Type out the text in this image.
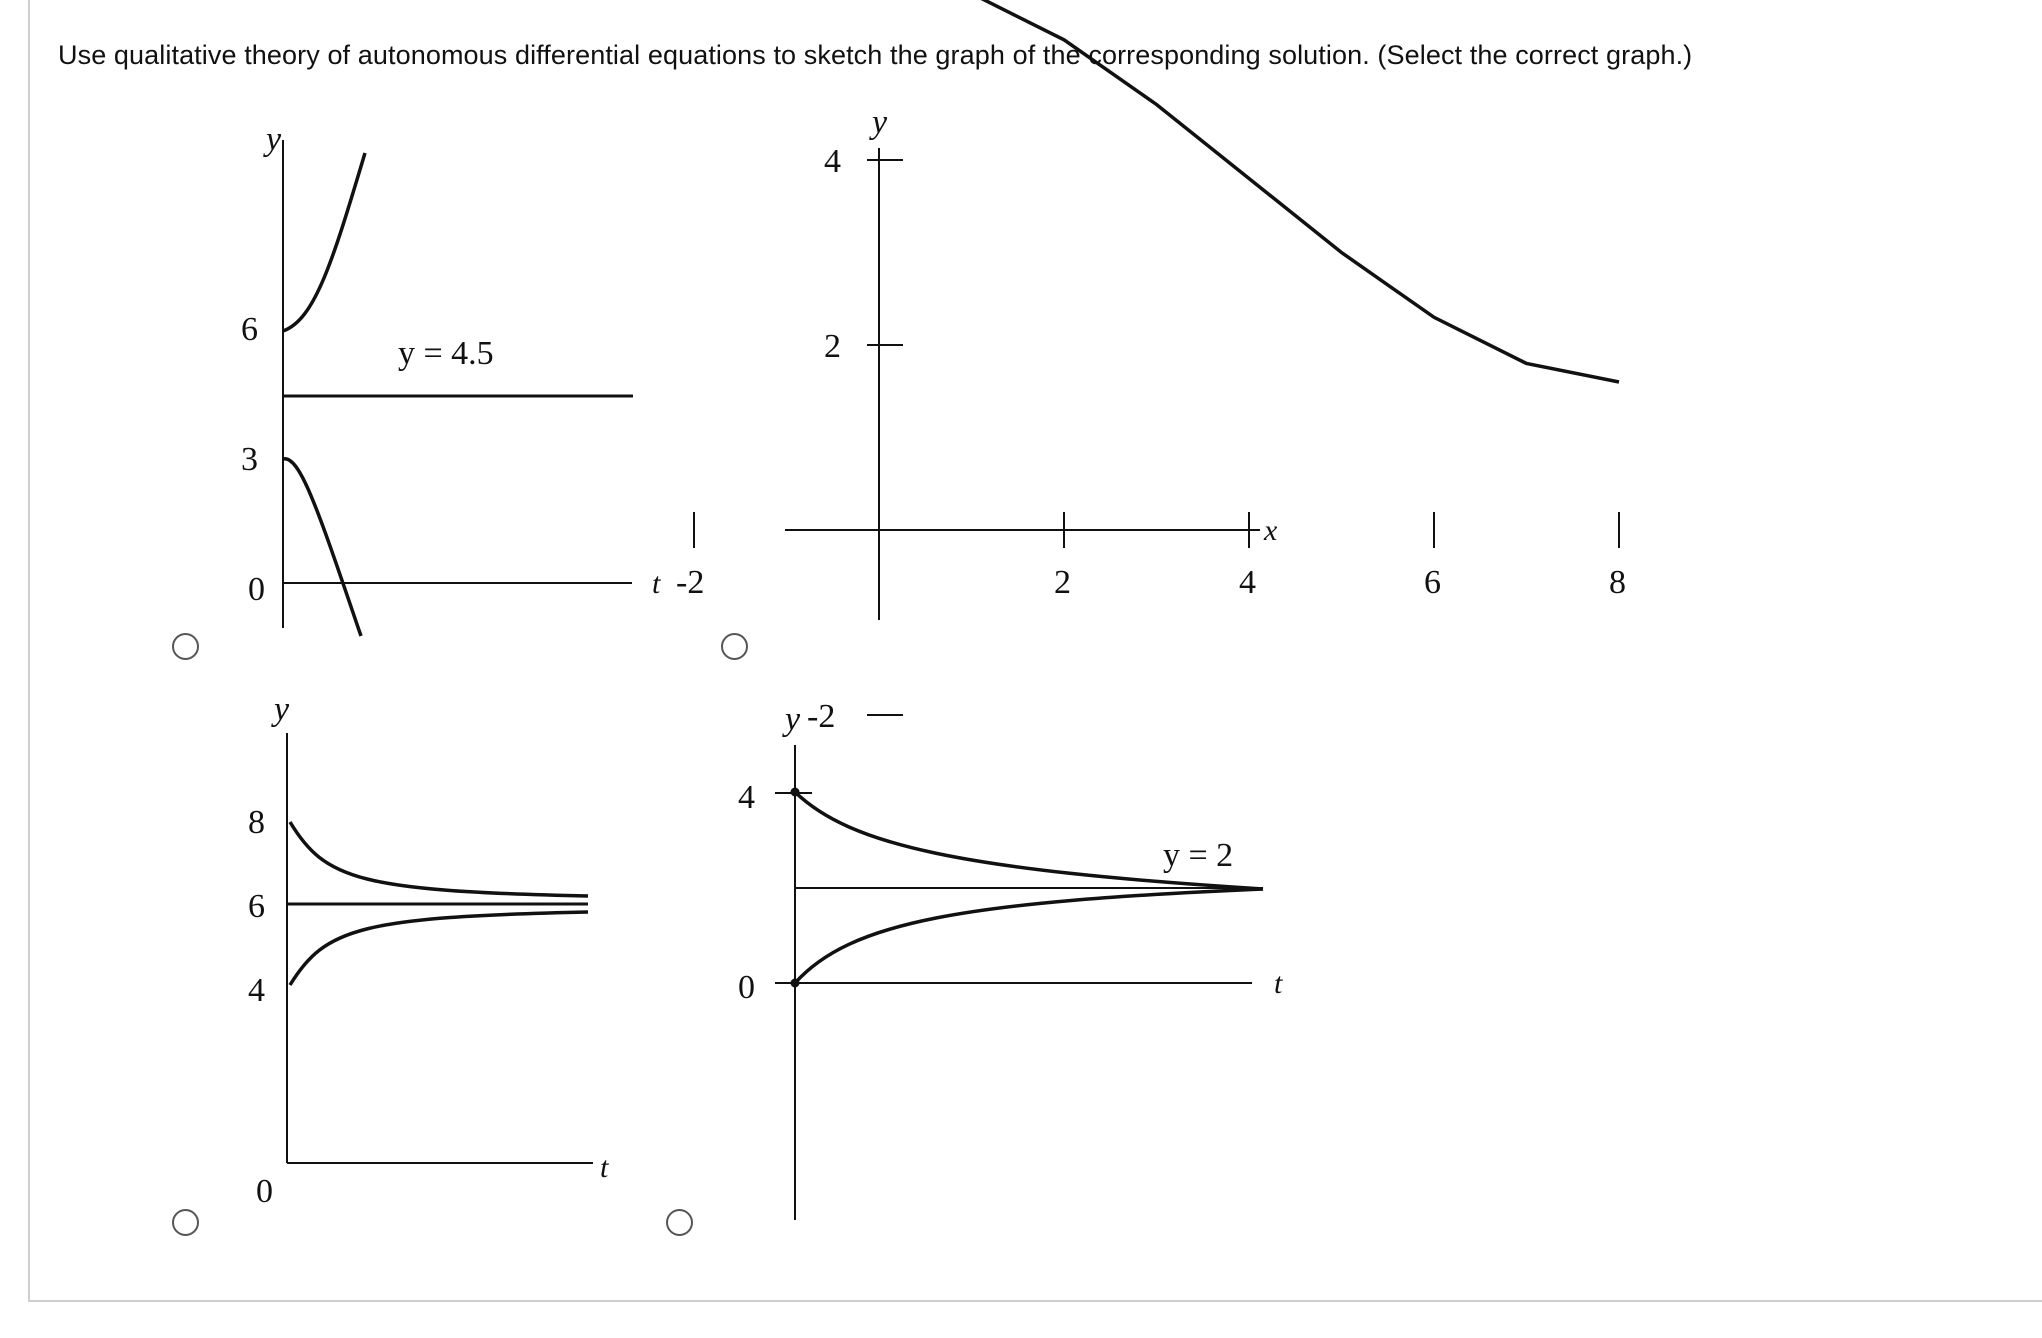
Use qualitative theory of autonomous differential equations to sketch the graph of the corresponding solution. (Select the correct graph.)
y
6
3
0
y = 4.5
t
y
x
-2	2	4	6	8
4
2
-2
y
8
6
4
0
t
y
4
0
y = 2
t
